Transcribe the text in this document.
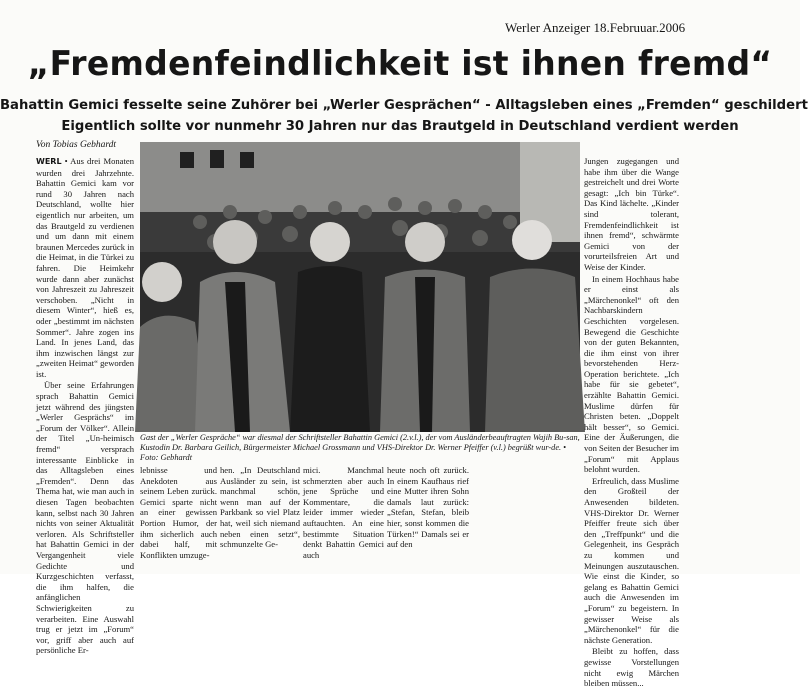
Werler Anzeiger 18.Februuar.2006
„Fremdenfeindlichkeit ist ihnen fremd“
Bahattin Gemici fesselte seine Zuhörer bei „Werler Gesprächen“ - Alltagsleben eines „Fremden“ geschildert
Eigentlich sollte vor nunmehr 30 Jahren nur das Brautgeld in Deutschland verdient werden
Von Tobias Gebhardt

WERL • Aus drei Monaten wurden drei Jahrzehnte. Bahattin Gemici kam vor rund 30 Jahren nach Deutschland, wollte hier eigentlich nur arbeiten, um das Brautgeld zu verdienen und um dann mit einem braunen Mercedes zurück in die Heimat, in die Türkei zu fahren. Die Heimkehr wurde dann aber zunächst von Jahreszeit zu Jahreszeit verschoben. „Nicht in diesem Winter“, hieß es, oder „bestimmt im nächsten Sommer“. Jahre zogen ins Land. In jenes Land, das ihm inzwischen längst zur „zweiten Heimat“ geworden ist.

Über seine Erfahrungen sprach Bahattin Gemici jetzt während des jüngsten „Werler Gesprächs“ im „Forum der Völker“. Allein der Titel „Un-heimisch fremd“ versprach interessante Einblicke in das Alltagsleben eines „Fremden“. Denn das Thema hat, wie man auch in diesen Tagen beobachten kann, selbst nach 30 Jahren nichts von seiner Aktualität verloren. Als Schriftsteller hat Bahattin Gemici in der Vergangenheit viele Gedichte und Kurzgeschichten verfasst, die ihm halfen, die anfänglichen Schwierigkeiten zu verarbeiten. Eine Auswahl trug er jetzt im „Forum“ vor, griff aber auch auf persönliche Er-

Gast der „Werler Gespräche“ war diesmal der Schriftsteller Bahattin Gemici (2.v.l.), der vom Ausländerbeauftragten Wajih Bu-san, Kustodin Dr. Barbara Geilich, Bürgermeister Michael Grossmann und VHS-Direktor Dr. Werner Pfeiffer (v.l.) begrüßt wur-de. • Foto: Gebhardt

lebnisse und Anekdoten aus seinem Leben zurück. Gemici sparte nicht an einer gewissen Portion Humor, der ihm sicherlich auch dabei half, mit Konflikten umzuge-

hen. „In Deutschland Ausländer zu sein, ist manchmal schön, wenn man auf der Parkbank so viel Platz hat, weil sich niemand neben einen setzt“, schmunzelte Ge-

mici. Manchmal schmerzten aber auch jene Sprüche und Kommentare, die leider immer wieder auftauchten. An eine bestimmte Situation denkt Bahattin Gemici auch

heute noch oft zurück. In einem Kaufhaus rief eine Mutter ihren Sohn damals laut zurück: „Stefan, Stefan, bleib hier, sonst kommen die Türken!“ Damals sei er auf den

Jungen zugegangen und habe ihm über die Wange gestreichelt und drei Worte gesagt: „Ich bin Türke“. Das Kind lächelte. „Kinder sind tolerant, Fremdenfeindlichkeit ist ihnen fremd“, schwärmte Gemici von der vorurteilsfreien Art und Weise der Kinder.

In einem Hochhaus habe er einst als „Märchenonkel“ oft den Nachbarskindern Geschichten vorgelesen. Bewegend die Geschichte von der guten Bekannten, die ihm einst von ihrer bevorstehenden Herz-Operation berichtete. „Ich habe für sie gebetet“, erzählte Bahattin Gemici. Muslime dürfen für Christen beten. „Doppelt hält besser“, so Gemici. Eine der Äußerungen, die von Seiten der Besucher im „Forum“ mit Applaus belohnt wurden.

Erfreulich, dass Muslime den Großteil der Anwesenden bildeten. VHS-Direktor Dr. Werner Pfeiffer freute sich über den „Treffpunkt“ und die Gelegenheit, ins Gespräch zu kommen und Meinungen auszutauschen. Wie einst die Kinder, so gelang es Bahattin Gemici auch die Anwesenden im „Forum“ zu begeistern. In gewisser Weise als „Märchenonkel“ für die nächste Generation.

Bleibt zu hoffen, dass gewisse Vorstellungen nicht ewig Märchen bleiben müssen...
